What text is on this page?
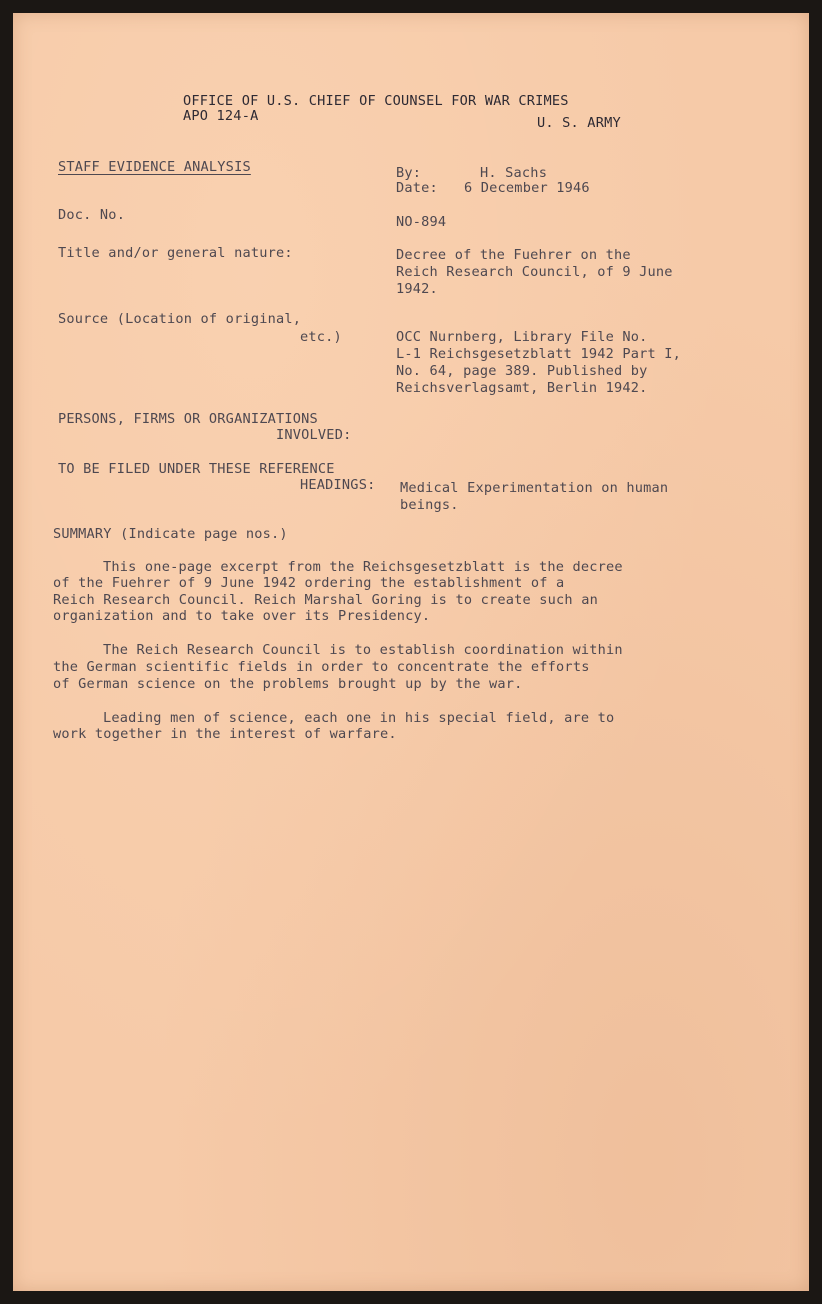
OFFICE OF U.S. CHIEF OF COUNSEL FOR WAR CRIMES
APO 124-A	U. S. ARMY
STAFF EVIDENCE ANALYSIS	By:	H. Sachs
Date: 6 December 1946
Doc. No.	NO-894
Title and/or general nature:	Decree of the Fuehrer on the
Reich Research Council, of 9 June
1942.
Source (Location of original,
etc.)	OCC Nurnberg, Library File No.
L-1 Reichsgesetzblatt 1942 Part I,
No. 64, page 389. Published by
Reichsverlagsamt, Berlin 1942.
PERSONS, FIRMS OR ORGANIZATIONS
INVOLVED:
TO BE FILED UNDER THESE REFERENCE
HEADINGS: Medical Experimentation on human
beings.
SUMMARY (Indicate page nos.)
This one-page excerpt from the Reichsgesetzblatt is the decree
of the Fuehrer of 9 June 1942 ordering the establishment of a
Reich Research Council. Reich Marshal Goring is to create such an
organization and to take over its Presidency.
The Reich Research Council is to establish coordination within
the German scientific fields in order to concentrate the efforts
of German science on the problems brought up by the war.
Leading men of science, each one in his special field, are to
work together in the interest of warfare.
